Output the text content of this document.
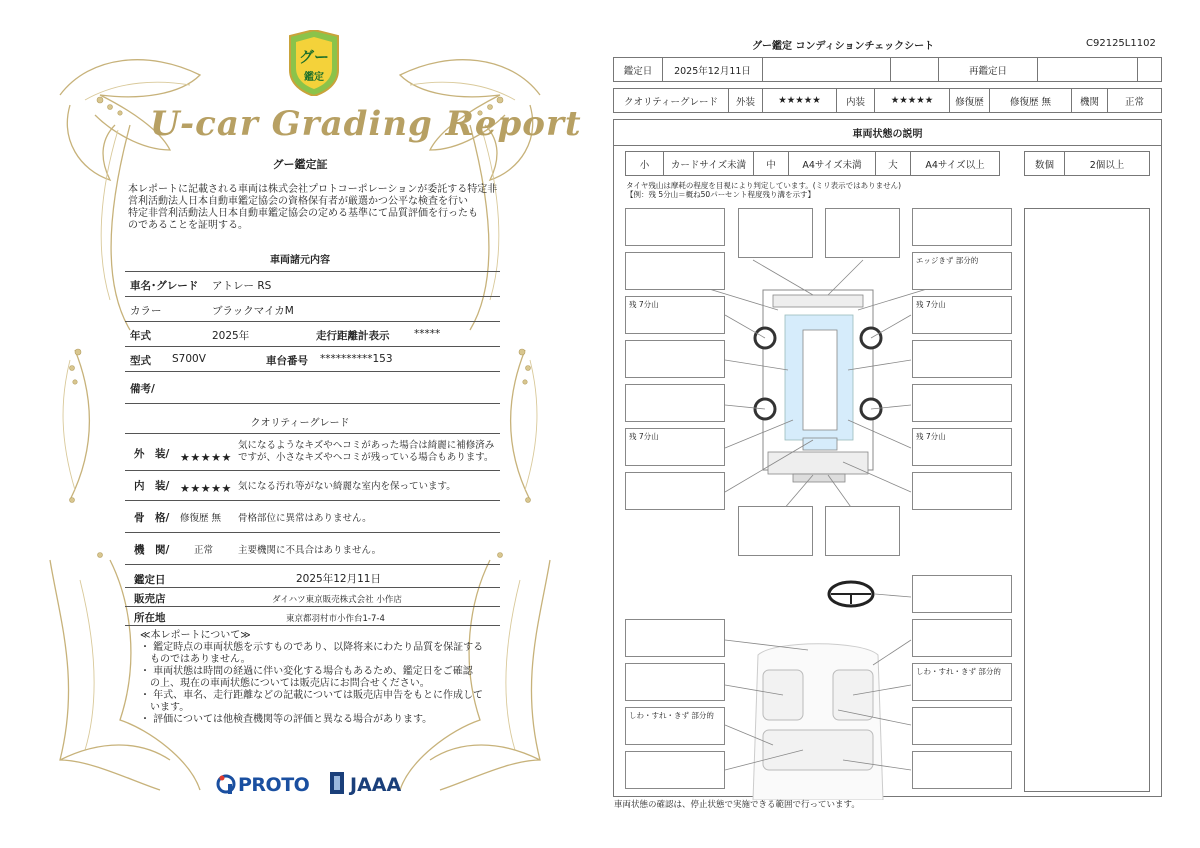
グー
鑑定
U-car Grading Report
グー鑑定証
本レポートに記載される車両は株式会社プロトコーポレーションが委託する特定非
営利活動法人日本自動車鑑定協会の資格保有者が厳選かつ公平な検査を行い
特定非営利活動法人日本自動車鑑定協会の定める基準にて品質評価を行ったも
のであることを証明する。
車両諸元内容
車名･グレード アトレー RS
カラー	ブラックマイカM
年式	2025年	走行距離計表示 *****
型式 S700V	車台番号 **********153
備考/
クオリティーグレード
外　装/ ★★★★★
気になるようなキズやヘコミがあった場合は綺麗に補修済み
ですが、小さなキズやヘコミが残っている場合もあります。
内　装/ ★★★★★ 気になる汚れ等がない綺麗な室内を保っています。
骨　格/ 修復歴 無 骨格部位に異常はありません。
機　関/	正常	主要機関に不具合はありません。
鑑定日	2025年12月11日
販売店	ダイハツ東京販売株式会社 小作店
所在地	東京都羽村市小作台1-7-4
≪本レポートについて≫
・ 鑑定時点の車両状態を示すものであり、以降将来にわたり品質を保証する
　ものではありません。
・ 車両状態は時間の経過に伴い変化する場合もあるため、鑑定日をご確認
　の上、現在の車両状態については販売店にお問合せください。
・ 年式、車名、走行距離などの記載については販売店申告をもとに作成して
　います。
・ 評価については他検査機関等の評価と異なる場合があります。
PROTO JAAA
グー鑑定 コンディションチェックシート	C92125L1102
鑑定日	2025年12月11日	再鑑定日
クオリティーグレード	外装	★★★★★	内装	★★★★★	修復歴	修復歴 無	機関	正常
車両状態の説明
小	カードサイズ未満	中	A4サイズ未満	大	A4サイズ以上	数個	2個以上
タイヤ残山は摩耗の程度を目視により判定しています。(ミリ表示ではありません)
【例：残 5分山＝概ね50パーセント程度残り溝を示す】
エッジきず 部分的
残 7分山	残 7分山
残 7分山	残 7分山
しわ・すれ・きず 部分的
しわ・すれ・きず 部分的
車両状態の確認は、停止状態で実施できる範囲で行っています。
